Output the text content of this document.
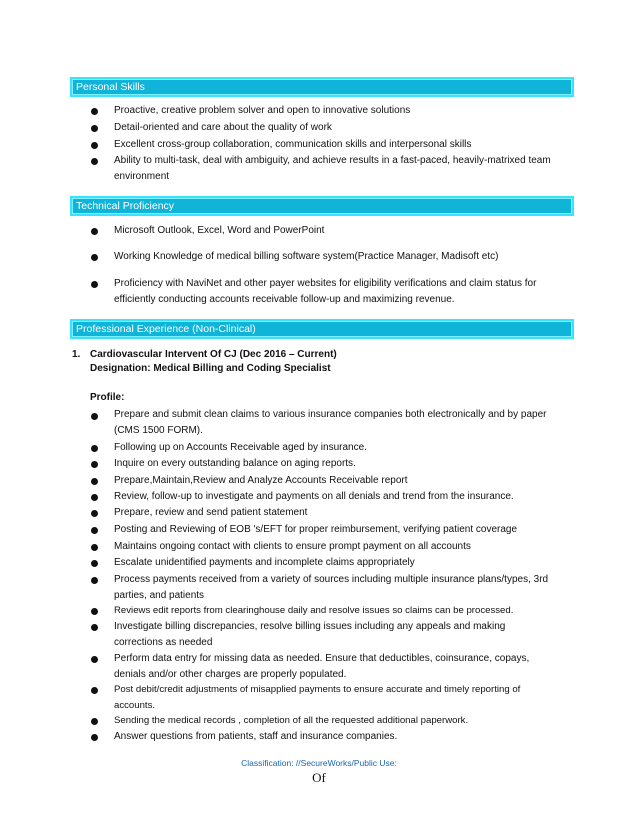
Personal Skills
Proactive, creative problem solver and open to innovative solutions
Detail-oriented and care about the quality of work
Excellent cross-group collaboration, communication skills and interpersonal skills
Ability to multi-task, deal with ambiguity, and achieve results in a fast-paced, heavily-matrixed team environment
Technical Proficiency
Microsoft Outlook, Excel, Word and PowerPoint
Working Knowledge of medical billing software system(Practice Manager, Madisoft etc)
Proficiency with NaviNet and other payer websites for eligibility verifications and claim status for efficiently conducting accounts receivable follow-up and maximizing revenue.
Professional Experience (Non-Clinical)
1. Cardiovascular Intervent Of CJ (Dec 2016 – Current)
Designation: Medical Billing and Coding Specialist
Profile:
Prepare and submit clean claims to various insurance companies both electronically and by paper (CMS 1500 FORM).
Following up on Accounts Receivable aged by insurance.
Inquire on every outstanding balance on aging reports.
Prepare,Maintain,Review and Analyze Accounts Receivable report
Review, follow-up to investigate and payments on all denials and trend from the insurance.
Prepare, review and send patient statement
Posting and Reviewing of EOB 's/EFT for proper reimbursement, verifying patient coverage
Maintains ongoing contact with clients to ensure prompt payment on all accounts
Escalate unidentified payments and incomplete claims appropriately
Process payments received from a variety of sources including multiple insurance plans/types, 3rd parties, and patients
Reviews edit reports from clearinghouse daily and resolve issues so claims can be processed.
Investigate billing discrepancies, resolve billing issues including any appeals and making corrections as needed
Perform data entry for missing data as needed. Ensure that deductibles, coinsurance, copays, denials and/or other charges are properly populated.
Post debit/credit adjustments of misapplied payments to ensure accurate and timely reporting of accounts.
Sending the medical records , completion of all the requested additional paperwork.
Answer questions from patients, staff and insurance companies.
Classification: //SecureWorks/Public Use:
Of
